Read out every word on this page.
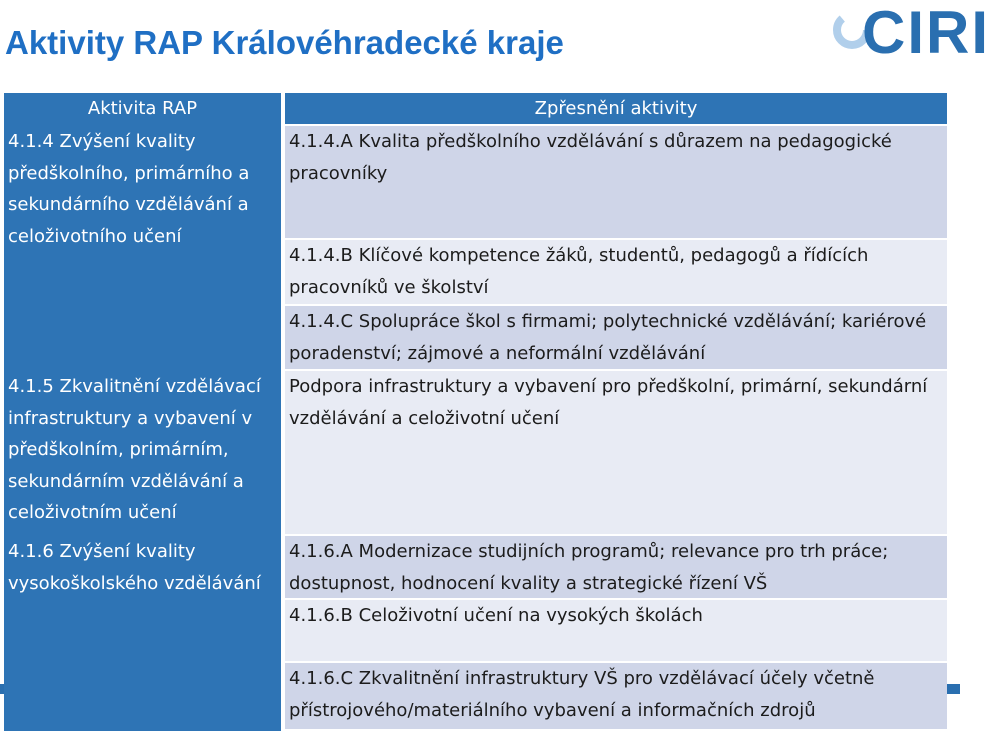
Aktivity RAP Královéhradecké kraje	CIRI
Aktivita RAP
4.1.4 Zvýšení kvality předškolního, primárního a sekundárního vzdělávání a celoživotního učení
4.1.5 Zkvalitnění vzdělávací infrastruktury a vybavení v předškolním, primárním, sekundárním vzdělávání a celoživotním učení
4.1.6 Zvýšení kvality vysokoškolského vzdělávání
Zpřesnění aktivity
4.1.4.A Kvalita předškolního vzdělávání s důrazem na pedagogické pracovníky
4.1.4.B Klíčové kompetence žáků, studentů, pedagogů a řídících pracovníků ve školství
4.1.4.C Spolupráce škol s firmami; polytechnické vzdělávání; kariérové poradenství; zájmové a neformální vzdělávání
Podpora infrastruktury a vybavení pro předškolní, primární, sekundární vzdělávání a celoživotní učení
4.1.6.A Modernizace studijních programů; relevance pro trh práce; dostupnost, hodnocení kvality a strategické řízení VŠ
4.1.6.B Celoživotní učení na vysokých školách
4.1.6.C Zkvalitnění infrastruktury VŠ pro vzdělávací účely včetně přístrojového/materiálního vybavení a informačních zdrojů
